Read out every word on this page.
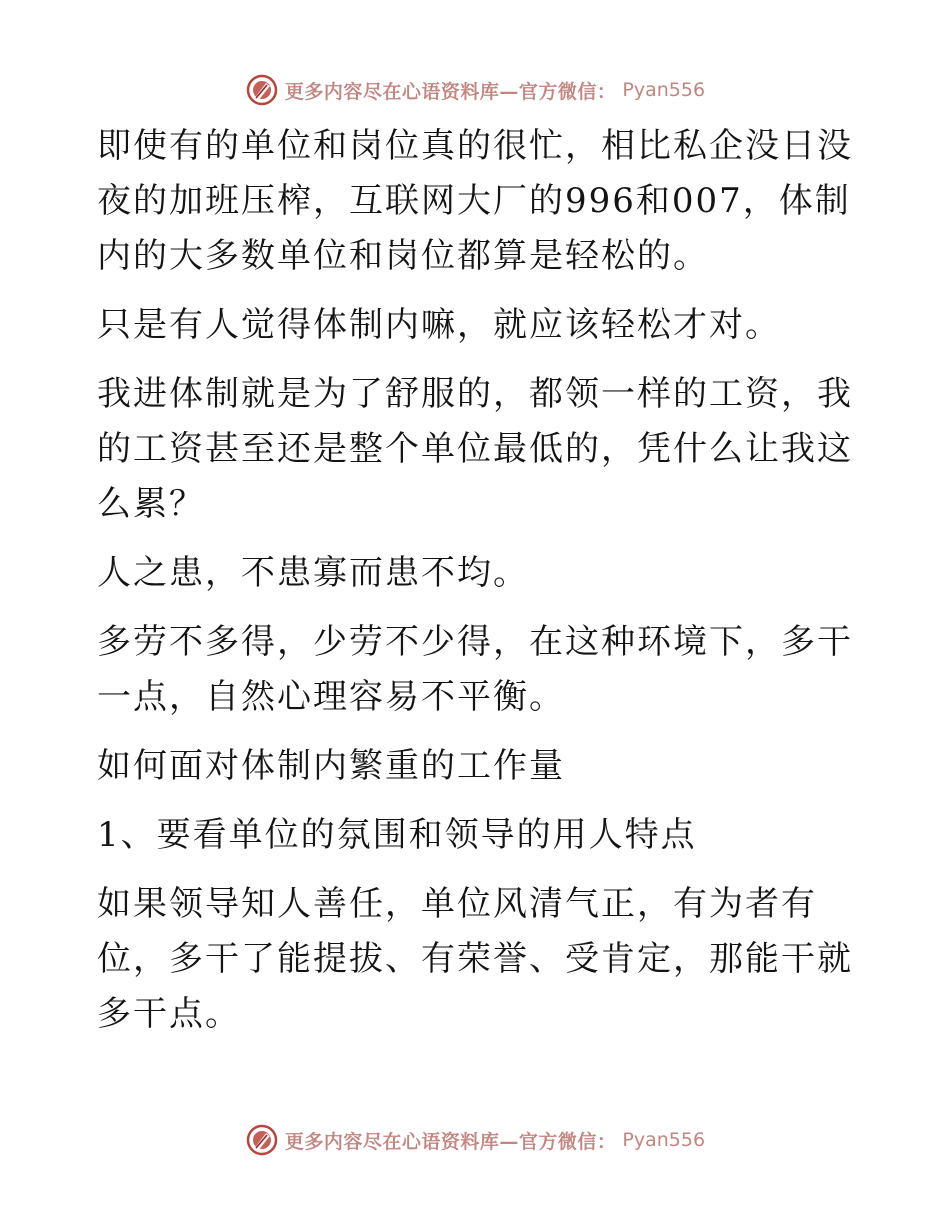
更多内容尽在心语资料库—官方微信： Pyan556

即使有的单位和岗位真的很忙，相比私企没日没夜的加班压榨，互联网大厂的996和007，体制内的大多数单位和岗位都算是轻松的。

只是有人觉得体制内嘛，就应该轻松才对。

我进体制就是为了舒服的，都领一样的工资，我的工资甚至还是整个单位最低的，凭什么让我这么累？

人之患，不患寡而患不均。

多劳不多得，少劳不少得，在这种环境下，多干一点，自然心理容易不平衡。

如何面对体制内繁重的工作量

1、要看单位的氛围和领导的用人特点

如果领导知人善任，单位风清气正，有为者有位，多干了能提拔、有荣誉、受肯定，那能干就多干点。

更多内容尽在心语资料库—官方微信： Pyan556
